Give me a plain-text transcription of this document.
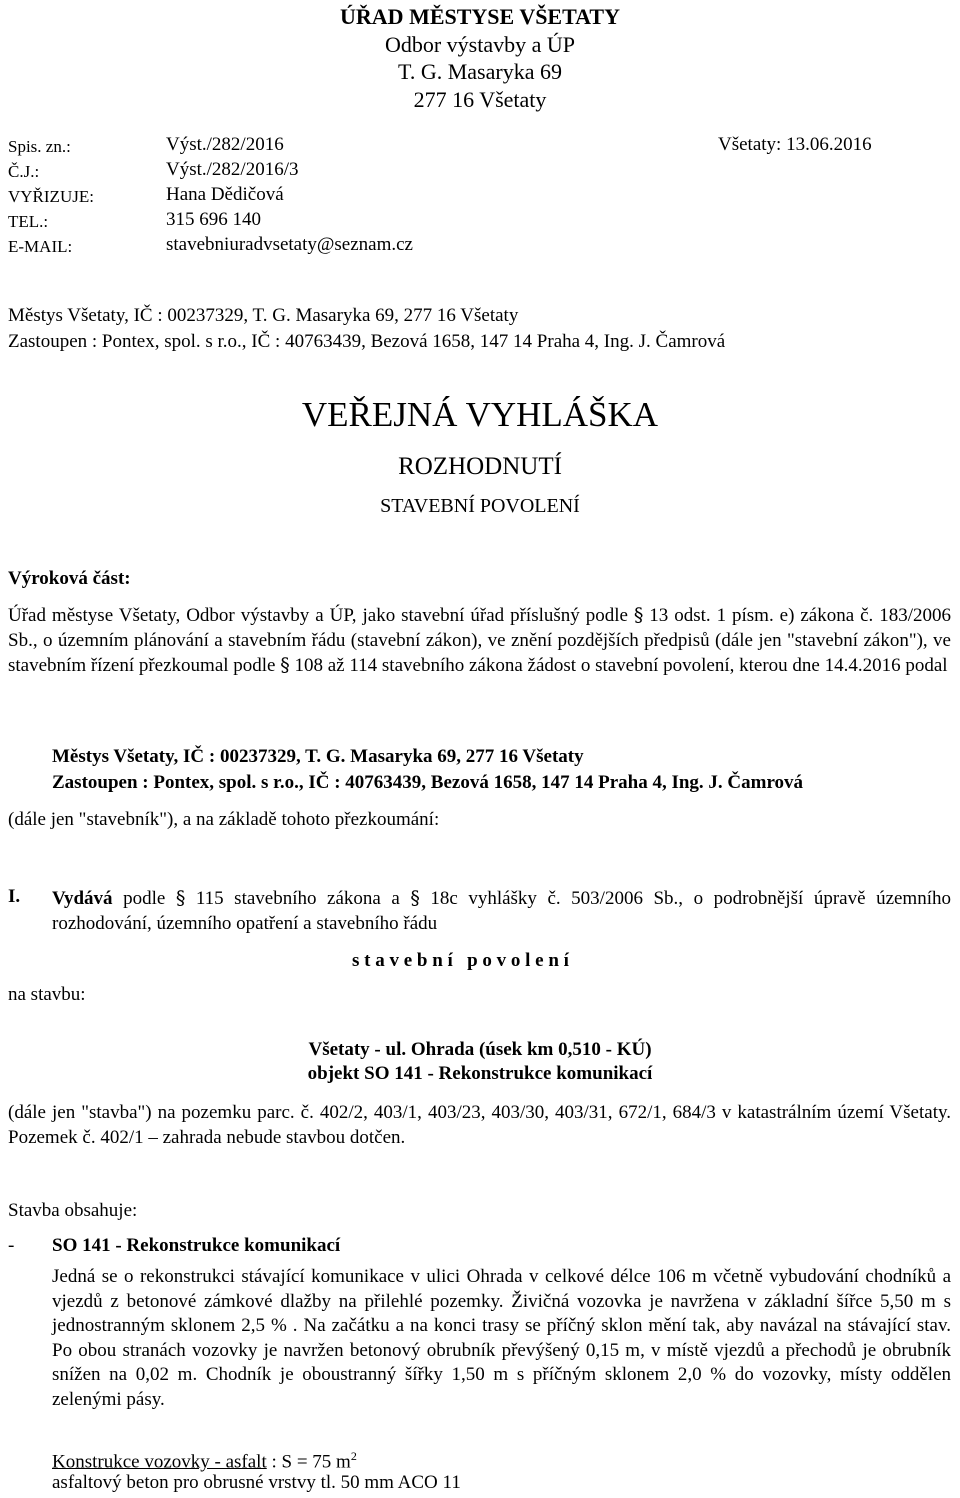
ÚŘAD MĚSTYSE VŠETATY
Odbor výstavby a ÚP
T. G. Masaryka 69
277 16 Všetaty
Spis. zn.:	Výst./282/2016	Všetaty: 13.06.2016
Č.J.:	Výst./282/2016/3
VYŘIZUJE:	Hana Dědičová
TEL.:	315 696 140
E-MAIL:	stavebniuradvsetaty@seznam.cz
Městys Všetaty, IČ : 00237329, T. G. Masaryka 69, 277 16 Všetaty
Zastoupen : Pontex, spol. s r.o., IČ : 40763439, Bezová 1658, 147 14 Praha 4, Ing. J. Čamrová
VEŘEJNÁ VYHLÁŠKA
ROZHODNUTÍ
STAVEBNÍ POVOLENÍ
Výroková část:
Úřad městyse Všetaty, Odbor výstavby a ÚP, jako stavební úřad příslušný podle § 13 odst. 1 písm. e) zákona č. 183/2006 Sb., o územním plánování a stavebním řádu (stavební zákon), ve znění pozdějších předpisů (dále jen "stavební zákon"), ve stavebním řízení přezkoumal podle § 108 až 114 stavebního zákona žádost o stavební povolení, kterou dne 14.4.2016 podal
Městys Všetaty, IČ : 00237329, T. G. Masaryka 69, 277 16 Všetaty
Zastoupen : Pontex, spol. s r.o., IČ : 40763439, Bezová 1658, 147 14 Praha 4, Ing. J. Čamrová
(dále jen "stavebník"), a na základě tohoto přezkoumání:
I. Vydává podle § 115 stavebního zákona a § 18c vyhlášky č. 503/2006 Sb., o podrobnější úpravě územního rozhodování, územního opatření a stavebního řádu
s t a v e b n í   p o v o l e n í
na stavbu:
Všetaty - ul. Ohrada (úsek km 0,510 - KÚ)
objekt SO 141 - Rekonstrukce komunikací
(dále jen "stavba") na pozemku parc. č. 402/2, 403/1, 403/23, 403/30, 403/31, 672/1, 684/3 v katastrálním území Všetaty. Pozemek č. 402/1 – zahrada nebude stavbou dotčen.
Stavba obsahuje:
- SO 141 - Rekonstrukce komunikací
Jedná se o rekonstrukci stávající komunikace v ulici Ohrada v celkové délce 106 m včetně vybudování chodníků a vjezdů z betonové zámkové dlažby na přilehlé pozemky. Živičná vozovka je navržena v základní šířce 5,50 m s jednostranným sklonem 2,5 % . Na začátku a na konci trasy se příčný sklon mění tak, aby navázal na stávající stav. Po obou stranách vozovky je navržen betonový obrubník převýšený 0,15 m, v místě vjezdů a přechodů je obrubník snížen na 0,02 m. Chodník je oboustranný šířky 1,50 m s příčným sklonem 2,0 % do vozovky, místy oddělen zelenými pásy.
Konstrukce vozovky - asfalt : S = 75 $m^2$
asfaltový beton pro obrusné vrstvy tl. 50 mm ACO 11
